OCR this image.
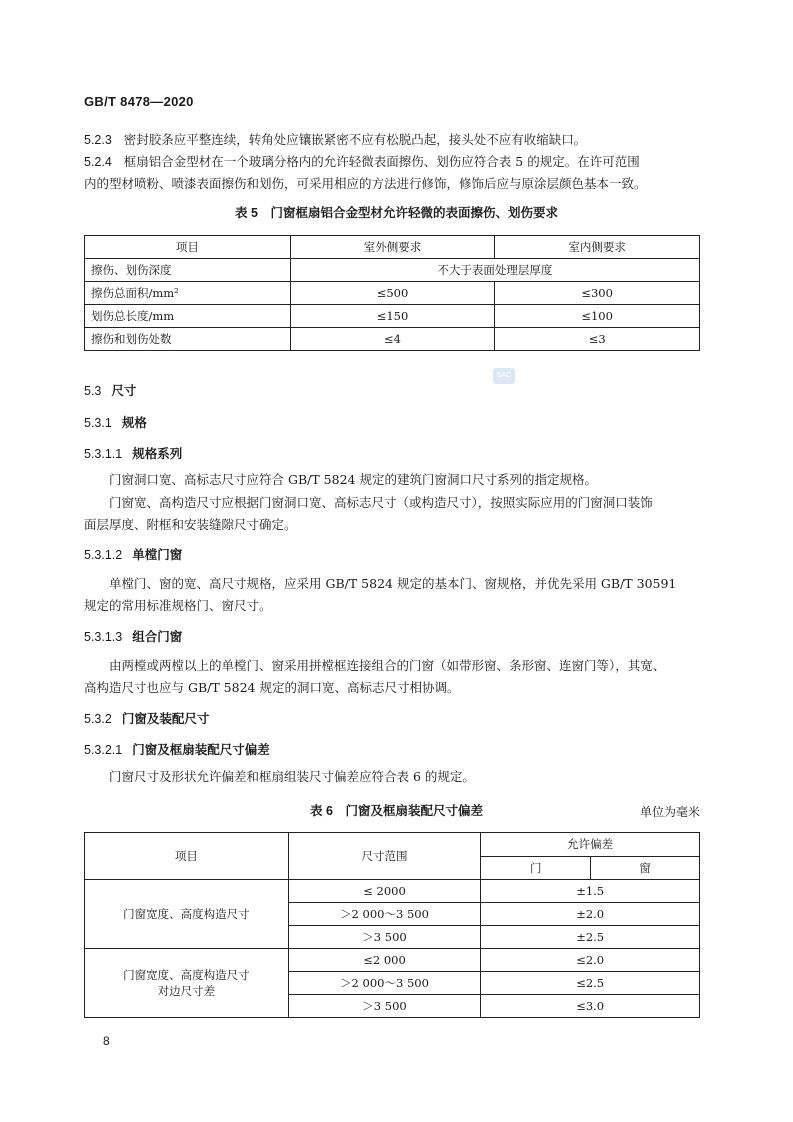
GB/T 8478—2020
5.2.3 密封胶条应平整连续，转角处应镶嵌紧密不应有松脱凸起，接头处不应有收缩缺口。
5.2.4 框扇铝合金型材在一个玻璃分格内的允许轻微表面擦伤、划伤应符合表 5 的规定。在许可范围
内的型材喷粉、喷漆表面擦伤和划伤，可采用相应的方法进行修饰，修饰后应与原涂层颜色基本一致。
表 5　门窗框扇铝合金型材允许轻微的表面擦伤、划伤要求
项目	室外侧要求	室内侧要求
擦伤、划伤深度	不大于表面处理层厚度	
擦伤总面积/mm²	≤500	≤300
划伤总长度/mm	≤150	≤100
擦伤和划伤处数	≤4	≤3
SAC
5.3 尺寸
5.3.1 规格
5.3.1.1 规格系列
门窗洞口宽、高标志尺寸应符合 GB/T 5824 规定的建筑门窗洞口尺寸系列的指定规格。
门窗宽、高构造尺寸应根据门窗洞口宽、高标志尺寸（或构造尺寸），按照实际应用的门窗洞口装饰
面层厚度、附框和安装缝隙尺寸确定。
5.3.1.2 单樘门窗
单樘门、窗的宽、高尺寸规格，应采用 GB/T 5824 规定的基本门、窗规格，并优先采用 GB/T 30591
规定的常用标准规格门、窗尺寸。
5.3.1.3 组合门窗
由两樘或两樘以上的单樘门、窗采用拼樘框连接组合的门窗（如带形窗、条形窗、连窗门等），其宽、
高构造尺寸也应与 GB/T 5824 规定的洞口宽、高标志尺寸相协调。
5.3.2 门窗及装配尺寸
5.3.2.1 门窗及框扇装配尺寸偏差
门窗尺寸及形状允许偏差和框扇组装尺寸偏差应符合表 6 的规定。
表 6　门窗及框扇装配尺寸偏差	单位为毫米
项目	尺寸范围	允许偏差	
		门	窗
门窗宽度、高度构造尺寸	≤ 2000	±1.5	
	＞2 000～3 500	±2.0	
	＞3 500	±2.5	

门窗宽度、高度构造尺寸
对边尺寸差	≤2 000	≤2.0	
	＞2 000～3 500	≤2.5	
	＞3 500	≤3.0	
8
